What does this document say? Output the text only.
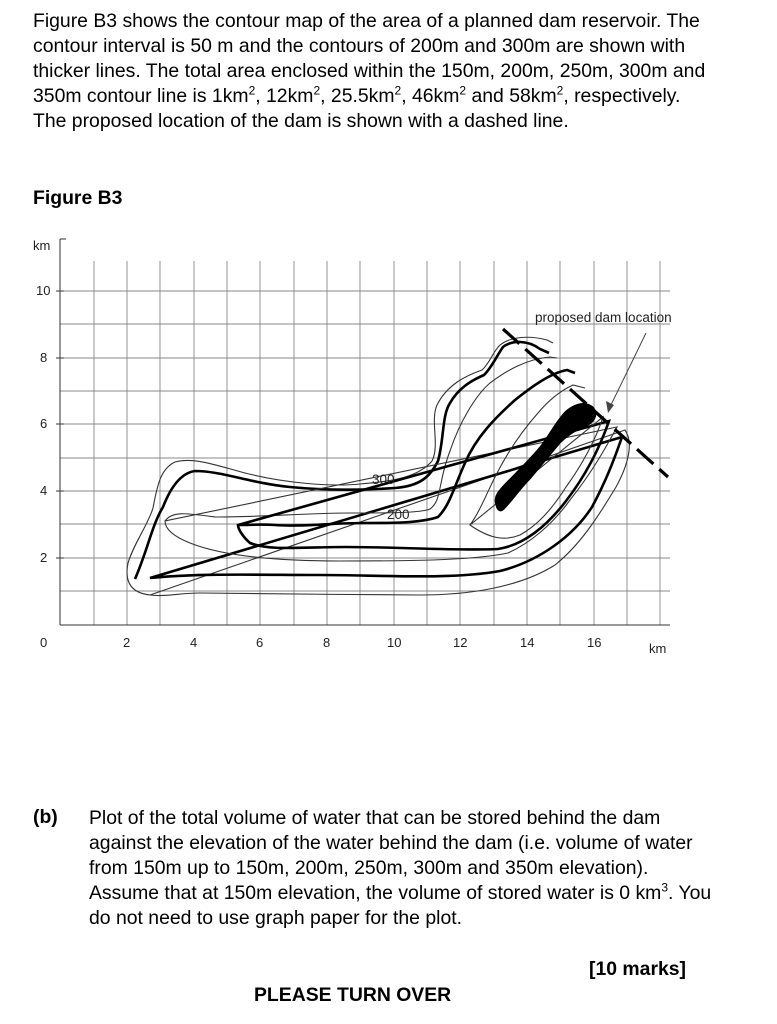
Figure B3 shows the contour map of the area of a planned dam reservoir. The contour interval is 50 m and the contours of 200m and 300m are shown with thicker lines. The total area enclosed within the 150m, 200m, 250m, 300m and 350m contour line is $1km^2$, $12km^2$, $25.5km^2$, $46km^2$ and $58km^2$, respectively. The proposed location of the dam is shown with a dashed line.

Figure B3

km
10
8
6
4
2
0	2	4	6	8	10	12	14	16	km
proposed dam location
300
200
(b) Plot of the total volume of water that can be stored behind the dam against the elevation of the water behind the dam (i.e. volume of water from 150m up to 150m, 200m, 250m, 300m and 350m elevation). Assume that at 150m elevation, the volume of stored water is 0 $km^3$. You do not need to use graph paper for the plot.

[10 marks]
PLEASE TURN OVER
